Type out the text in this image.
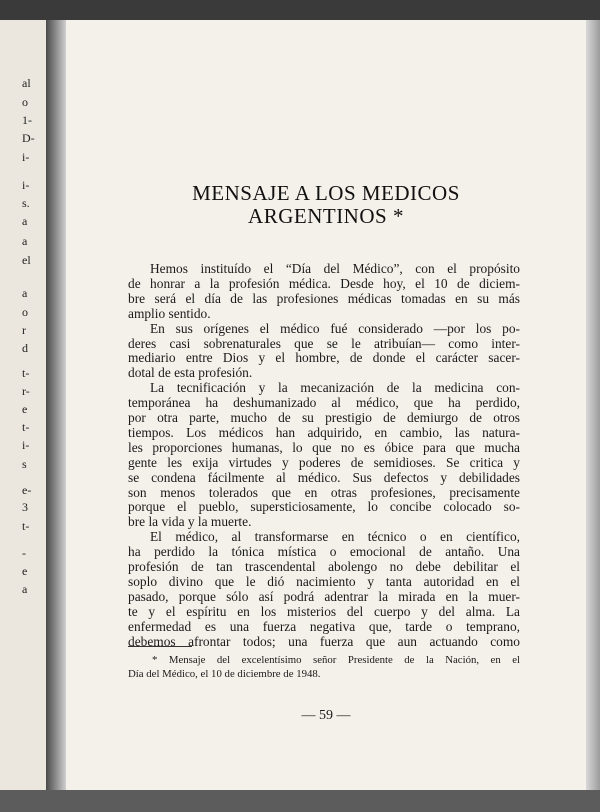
al
o
1-
D-
i-
i-
s.
a
a
el
a
o
r
d
t-
r-
e
t-
i-
s
e-
3
t-
-
e
a
MENSAJE A LOS MEDICOS
ARGENTINOS *
— 59 —
Hemos instituído el “Día del Médico”, con el propósito
de honrar a la profesión médica. Desde hoy, el 10 de diciem-
bre será el día de las profesiones médicas tomadas en su más
amplio sentido.
En sus orígenes el médico fué considerado —por los po-
deres casi sobrenaturales que se le atribuían— como inter-
mediario entre Dios y el hombre, de donde el carácter sacer-
dotal de esta profesión.
La tecnificación y la mecanización de la medicina con-
temporánea ha deshumanizado al médico, que ha perdido,
por otra parte, mucho de su prestigio de demiurgo de otros
tiempos. Los médicos han adquirido, en cambio, las natura-
les proporciones humanas, lo que no es óbice para que mucha
gente les exija virtudes y poderes de semidioses. Se critica y
se condena fácilmente al médico. Sus defectos y debilidades
son menos tolerados que en otras profesiones, precisamente
porque el pueblo, supersticiosamente, lo concibe colocado so-
bre la vida y la muerte.
El médico, al transformarse en técnico o en científico,
ha perdido la tónica mística o emocional de antaño. Una
profesión de tan trascendental abolengo no debe debilitar el
soplo divino que le dió nacimiento y tanta autoridad en el
pasado, porque sólo así podrá adentrar la mirada en la muer-
te y el espíritu en los misterios del cuerpo y del alma. La
enfermedad es una fuerza negativa que, tarde o temprano,
debemos afrontar todos; una fuerza que aun actuando como
* Mensaje del excelentísimo señor Presidente de la Nación, en el
Día del Médico, el 10 de diciembre de 1948.
